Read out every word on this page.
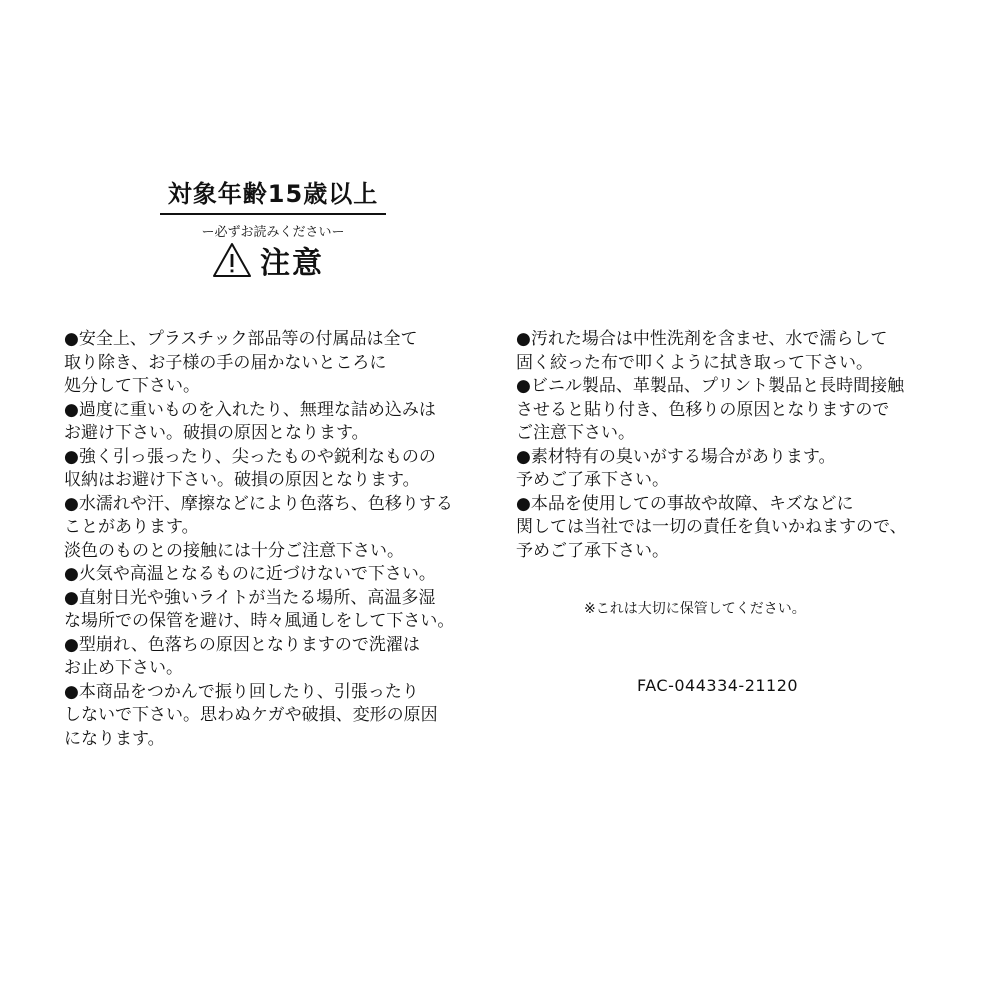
対象年齢15歳以上
ー必ずお読みくださいー
注意
●安全上、プラスチック部品等の付属品は全て
取り除き、お子様の手の届かないところに
処分して下さい。
●過度に重いものを入れたり、無理な詰め込みは
お避け下さい。破損の原因となります。
●強く引っ張ったり、尖ったものや鋭利なものの
収納はお避け下さい。破損の原因となります。
●水濡れや汗、摩擦などにより色落ち、色移りする
ことがあります。
淡色のものとの接触には十分ご注意下さい。
●火気や高温となるものに近づけないで下さい。
●直射日光や強いライトが当たる場所、高温多湿
な場所での保管を避け、時々風通しをして下さい。
●型崩れ、色落ちの原因となりますので洗濯は
お止め下さい。
●本商品をつかんで振り回したり、引張ったり
しないで下さい。思わぬケガや破損、変形の原因
になります。
●汚れた場合は中性洗剤を含ませ、水で濡らして
固く絞った布で叩くように拭き取って下さい。
●ビニル製品、革製品、プリント製品と長時間接触
させると貼り付き、色移りの原因となりますので
ご注意下さい。
●素材特有の臭いがする場合があります。
予めご了承下さい。
●本品を使用しての事故や故障、キズなどに
関しては当社では一切の責任を負いかねますので、
予めご了承下さい。
※これは大切に保管してください。
FAC-044334-21120
